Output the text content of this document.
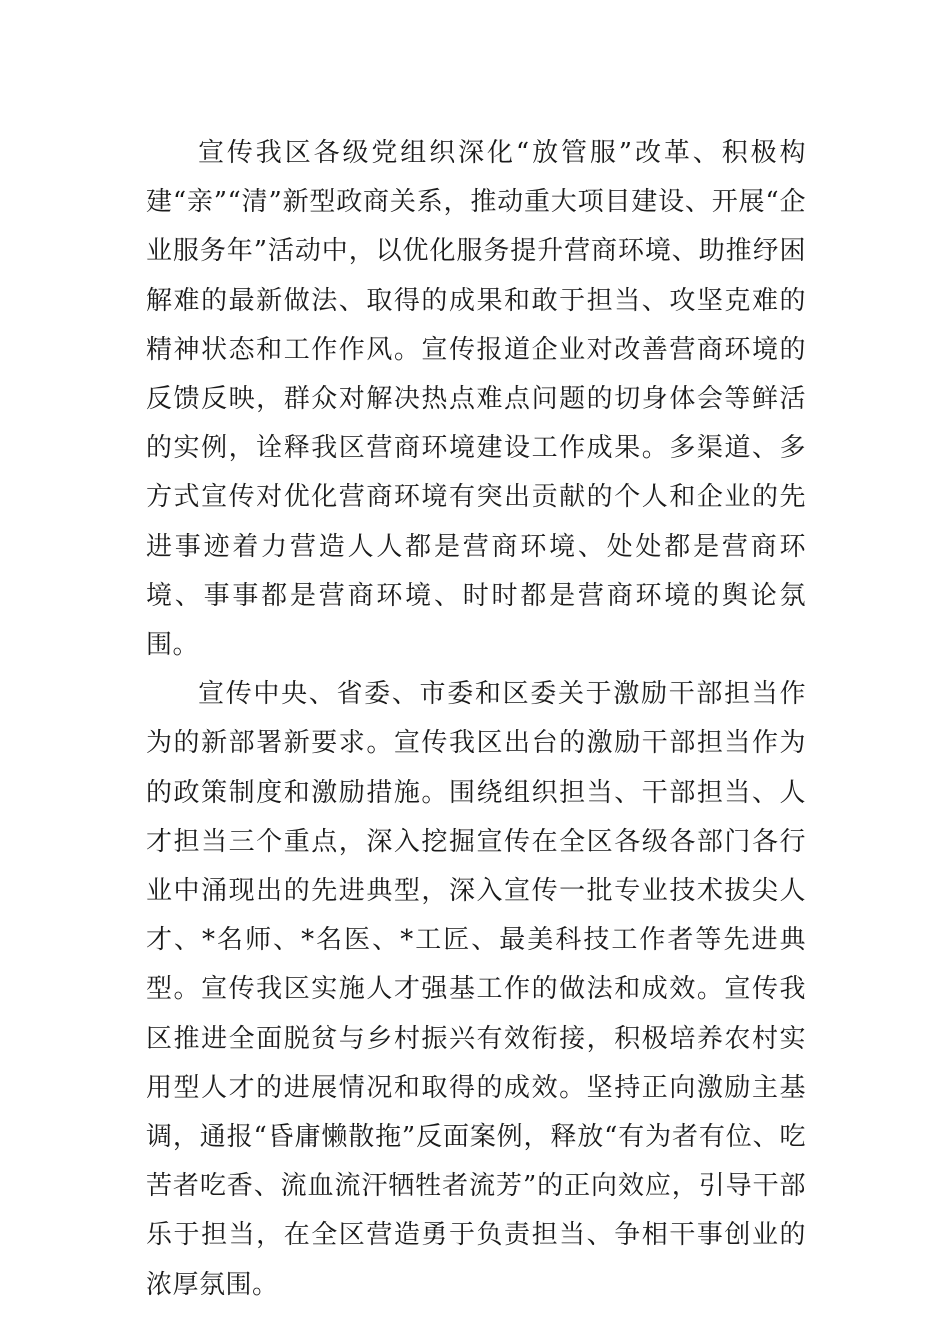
宣传我区各级党组织深化“放管服”改革、积极构建“亲”“清”新型政商关系，推动重大项目建设、开展“企业服务年”活动中，以优化服务提升营商环境、助推纾困解难的最新做法、取得的成果和敢于担当、攻坚克难的精神状态和工作作风。宣传报道企业对改善营商环境的反馈反映，群众对解决热点难点问题的切身体会等鲜活的实例，诠释我区营商环境建设工作成果。多渠道、多方式宣传对优化营商环境有突出贡献的个人和企业的先进事迹着力营造人人都是营商环境、处处都是营商环境、事事都是营商环境、时时都是营商环境的舆论氛围。

宣传中央、省委、市委和区委关于激励干部担当作为的新部署新要求。宣传我区出台的激励干部担当作为的政策制度和激励措施。围绕组织担当、干部担当、人才担当三个重点，深入挖掘宣传在全区各级各部门各行业中涌现出的先进典型，深入宣传一批专业技术拔尖人才、*名师、*名医、*工匠、最美科技工作者等先进典型。宣传我区实施人才强基工作的做法和成效。宣传我区推进全面脱贫与乡村振兴有效衔接，积极培养农村实用型人才的进展情况和取得的成效。坚持正向激励主基调，通报“昏庸懒散拖”反面案例，释放“有为者有位、吃苦者吃香、流血流汗牺牲者流芳”的正向效应，引导干部乐于担当，在全区营造勇于负责担当、争相干事创业的浓厚氛围。
